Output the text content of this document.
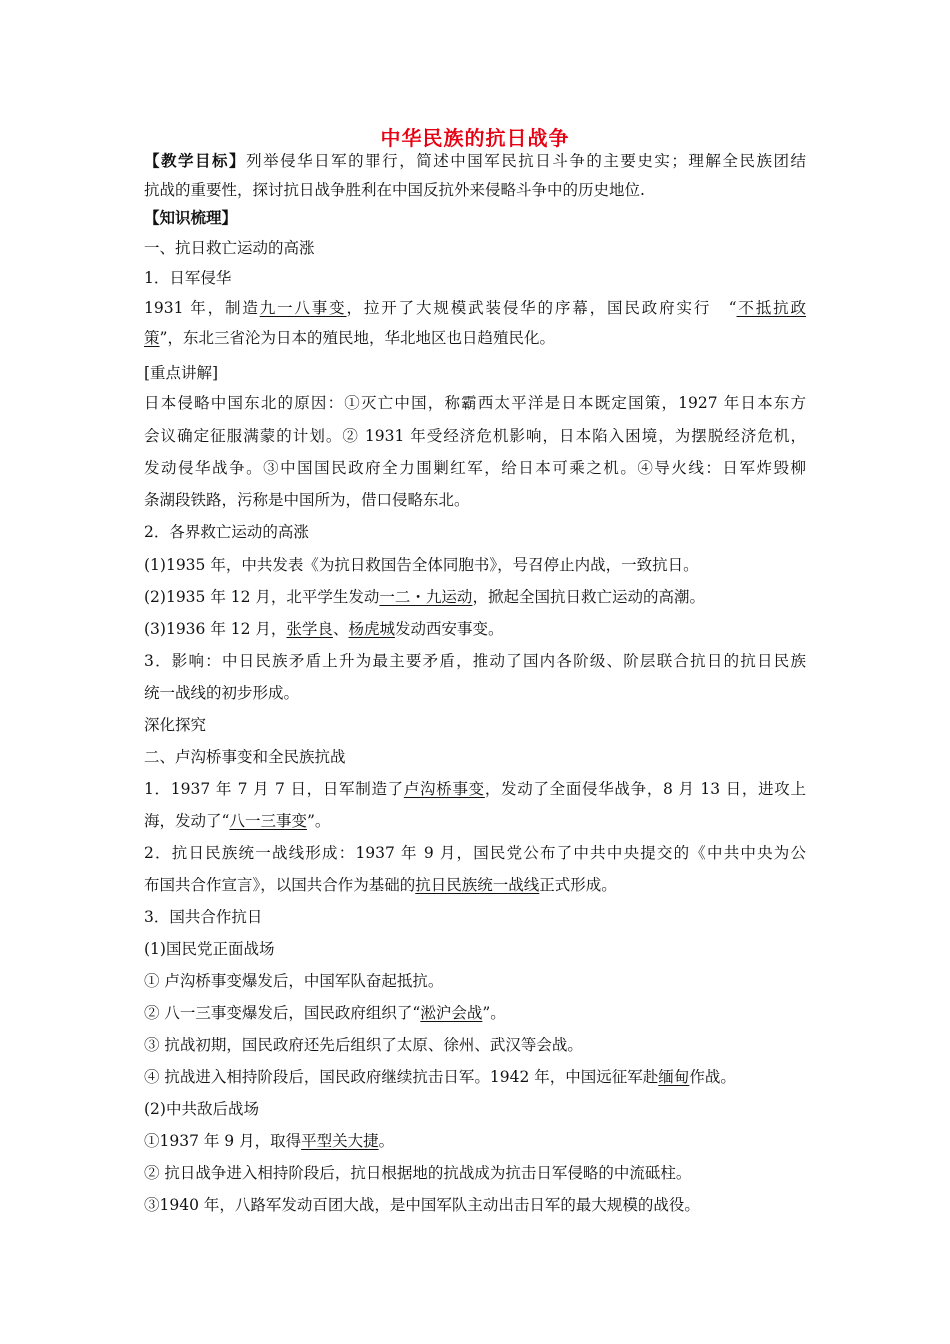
中华民族的抗日战争
【教学目标】列举侵华日军的罪行，简述中国军民抗日斗争的主要史实；理解全民族团结
抗战的重要性，探讨抗日战争胜利在中国反抗外来侵略斗争中的历史地位.
【知识梳理】
一、抗日救亡运动的高涨
1．日军侵华
1931 年，制造九一八事变，拉开了大规模武装侵华的序幕，国民政府实行　“不抵抗政
策”，东北三省沦为日本的殖民地，华北地区也日趋殖民化。
[重点讲解]
日本侵略中国东北的原因：①灭亡中国，称霸西太平洋是日本既定国策，1927 年日本东方
会议确定征服满蒙的计划。② 1931 年受经济危机影响，日本陷入困境，为摆脱经济危机，
发动侵华战争。③中国国民政府全力围剿红军，给日本可乘之机。④导火线：日军炸毁柳
条湖段铁路，污称是中国所为，借口侵略东北。
2．各界救亡运动的高涨
(1)1935 年，中共发表《为抗日救国告全体同胞书》，号召停止内战，一致抗日。
(2)1935 年 12 月，北平学生发动一二・九运动，掀起全国抗日救亡运动的高潮。
(3)1936 年 12 月，张学良、杨虎城发动西安事变。
3．影响：中日民族矛盾上升为最主要矛盾，推动了国内各阶级、阶层联合抗日的抗日民族
统一战线的初步形成。
深化探究
二、卢沟桥事变和全民族抗战
1．1937 年 7 月 7 日，日军制造了卢沟桥事变，发动了全面侵华战争，8 月 13 日，进攻上
海，发动了“八一三事变”。
2．抗日民族统一战线形成：1937 年 9 月，国民党公布了中共中央提交的《中共中央为公
布国共合作宣言》，以国共合作为基础的抗日民族统一战线正式形成。
3．国共合作抗日
(1)国民党正面战场
① 卢沟桥事变爆发后，中国军队奋起抵抗。
② 八一三事变爆发后，国民政府组织了“淞沪会战”。
③ 抗战初期，国民政府还先后组织了太原、徐州、武汉等会战。
④ 抗战进入相持阶段后，国民政府继续抗击日军。1942 年，中国远征军赴缅甸作战。
(2)中共敌后战场
①1937 年 9 月，取得平型关大捷。
② 抗日战争进入相持阶段后，抗日根据地的抗战成为抗击日军侵略的中流砥柱。
③1940 年，八路军发动百团大战，是中国军队主动出击日军的最大规模的战役。
